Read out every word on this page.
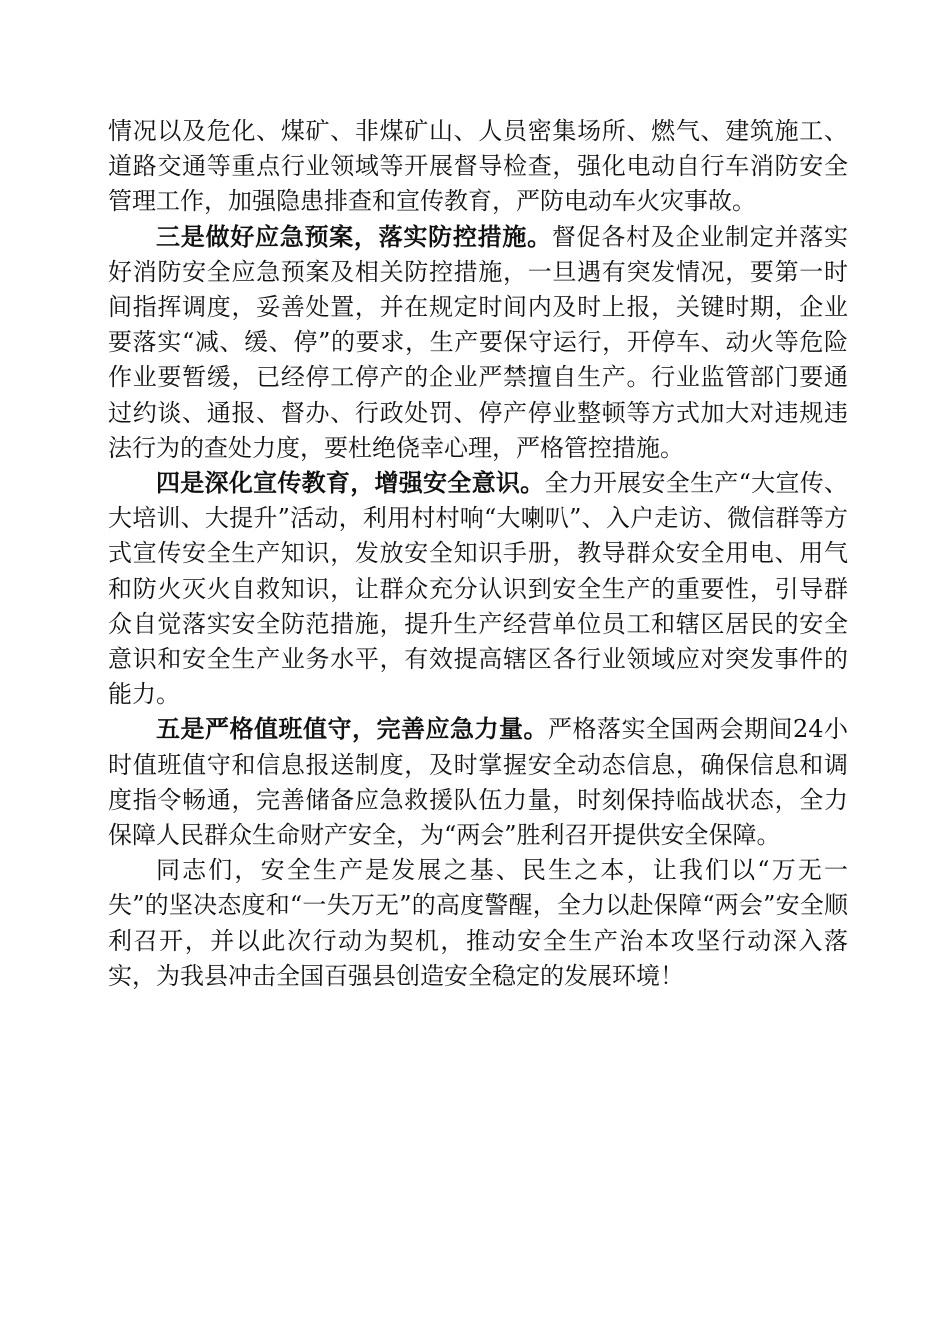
情况以及危化、煤矿、非煤矿山、人员密集场所、燃气、建筑施工、道路交通等重点行业领域等开展督导检查，强化电动自行车消防安全管理工作，加强隐患排查和宣传教育，严防电动车火灾事故。

三是做好应急预案，落实防控措施。督促各村及企业制定并落实好消防安全应急预案及相关防控措施，一旦遇有突发情况，要第一时间指挥调度，妥善处置，并在规定时间内及时上报，关键时期，企业要落实“减、缓、停”的要求，生产要保守运行，开停车、动火等危险作业要暂缓，已经停工停产的企业严禁擅自生产。行业监管部门要通过约谈、通报、督办、行政处罚、停产停业整顿等方式加大对违规违法行为的查处力度，要杜绝侥幸心理，严格管控措施。

四是深化宣传教育，增强安全意识。全力开展安全生产“大宣传、大培训、大提升”活动，利用村村响“大喇叭”、入户走访、微信群等方式宣传安全生产知识，发放安全知识手册，教导群众安全用电、用气和防火灭火自救知识，让群众充分认识到安全生产的重要性，引导群众自觉落实安全防范措施，提升生产经营单位员工和辖区居民的安全意识和安全生产业务水平，有效提高辖区各行业领域应对突发事件的能力。

五是严格值班值守，完善应急力量。严格落实全国两会期间24小时值班值守和信息报送制度，及时掌握安全动态信息，确保信息和调度指令畅通，完善储备应急救援队伍力量，时刻保持临战状态，全力保障人民群众生命财产安全，为“两会”胜利召开提供安全保障。

同志们，安全生产是发展之基、民生之本，让我们以“万无一失”的坚决态度和“一失万无”的高度警醒，全力以赴保障“两会”安全顺利召开，并以此次行动为契机，推动安全生产治本攻坚行动深入落实，为我县冲击全国百强县创造安全稳定的发展环境！
